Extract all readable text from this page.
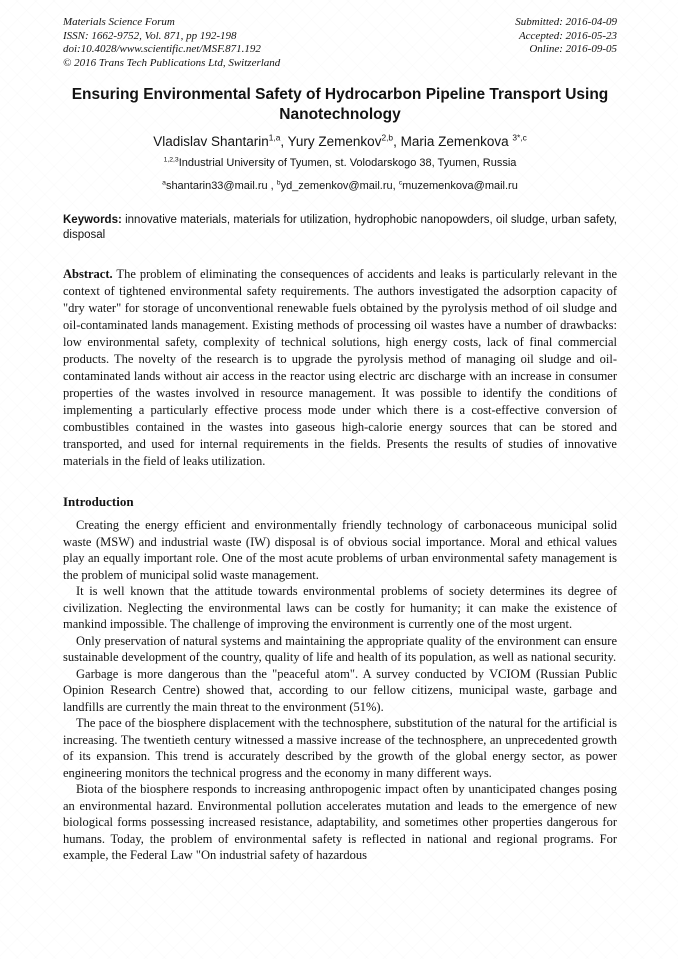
Materials Science Forum
ISSN: 1662-9752, Vol. 871, pp 192-198
doi:10.4028/www.scientific.net/MSF.871.192
© 2016 Trans Tech Publications Ltd, Switzerland
Submitted: 2016-04-09
Accepted: 2016-05-23
Online: 2016-09-05
Ensuring Environmental Safety of Hydrocarbon Pipeline Transport Using Nanotechnology
Vladislav Shantarin$^{1,a}$, Yury Zemenkov$^{2,b}$, Maria Zemenkova $^{3*,c}$
$^{1,2,3}$Industrial University of Tyumen, st. Volodarskogo 38, Tyumen, Russia
$^a$shantarin33@mail.ru , $^b$yd_zemenkov@mail.ru, $^c$muzemenkova@mail.ru

Keywords: innovative materials, materials for utilization, hydrophobic nanopowders, oil sludge, urban safety, disposal

Abstract. The problem of eliminating the consequences of accidents and leaks is particularly relevant in the context of tightened environmental safety requirements. The authors investigated the adsorption capacity of "dry water" for storage of unconventional renewable fuels obtained by the pyrolysis method of oil sludge and oil-contaminated lands management. Existing methods of processing oil wastes have a number of drawbacks: low environmental safety, complexity of technical solutions, high energy costs, lack of final commercial products. The novelty of the research is to upgrade the pyrolysis method of managing oil sludge and oil-contaminated lands without air access in the reactor using electric arc discharge with an increase in consumer properties of the wastes involved in resource management. It was possible to identify the conditions of implementing a particularly effective process mode under which there is a cost-effective conversion of combustibles contained in the wastes into gaseous high-calorie energy sources that can be stored and transported, and used for internal requirements in the fields. Presents the results of studies of innovative materials in the field of leaks utilization.

Introduction

Creating the energy efficient and environmentally friendly technology of carbonaceous municipal solid waste (MSW) and industrial waste (IW) disposal is of obvious social importance. Moral and ethical values play an equally important role. One of the most acute problems of urban environmental safety management is the problem of municipal solid waste management.

It is well known that the attitude towards environmental problems of society determines its degree of civilization. Neglecting the environmental laws can be costly for humanity; it can make the existence of mankind impossible. The challenge of improving the environment is currently one of the most urgent.

Only preservation of natural systems and maintaining the appropriate quality of the environment can ensure sustainable development of the country, quality of life and health of its population, as well as national security.

Garbage is more dangerous than the "peaceful atom". A survey conducted by VCIOM (Russian Public Opinion Research Centre) showed that, according to our fellow citizens, municipal waste, garbage and landfills are currently the main threat to the environment (51%).

The pace of the biosphere displacement with the technosphere, substitution of the natural for the artificial is increasing. The twentieth century witnessed a massive increase of the technosphere, an unprecedented growth of its expansion. This trend is accurately described by the growth of the global energy sector, as power engineering monitors the technical progress and the economy in many different ways.

Biota of the biosphere responds to increasing anthropogenic impact often by unanticipated changes posing an environmental hazard. Environmental pollution accelerates mutation and leads to the emergence of new biological forms possessing increased resistance, adaptability, and sometimes other properties dangerous for humans. Today, the problem of environmental safety is reflected in national and regional programs. For example, the Federal Law "On industrial safety of hazardous
